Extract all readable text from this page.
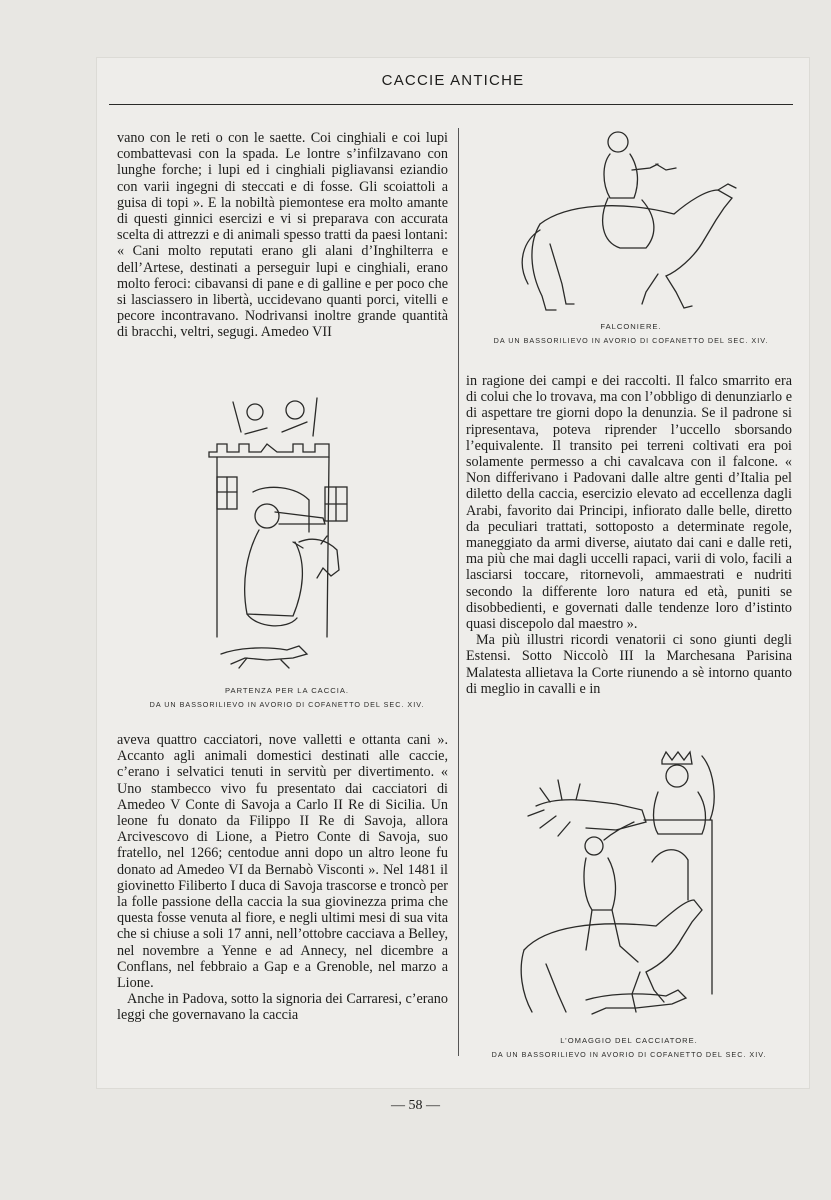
CACCIE ANTICHE

vano con le reti o con le saette. Coi cinghiali e coi lupi combattevasi con la spada. Le lontre s’infilzavano con lunghe forche; i lupi ed i cinghiali pigliavansi eziandio con varii ingegni di steccati e di fosse. Gli scoiattoli a guisa di topi ». E la nobiltà piemontese era molto amante di questi ginnici esercizi e vi si preparava con accurata scelta di attrezzi e di animali spesso tratti da paesi lontani: « Cani molto reputati erano gli alani d’Inghilterra e dell’Artese, destinati a perseguir lupi e cinghiali, erano molto feroci: cibavansi di pane e di galline e per poco che si lasciassero in libertà, uccidevano quanti porci, vitelli e pecore incontravano. Nodrivansi inoltre grande quantità di bracchi, veltri, segugi. Amedeo VII

PARTENZA PER LA CACCIA.
DA UN BASSORILIEVO IN AVORIO DI COFANETTO DEL SEC. XIV.

aveva quattro cacciatori, nove valletti e ottanta cani ». Accanto agli animali domestici destinati alle caccie, c’erano i selvatici tenuti in servitù per divertimento. « Uno stambecco vivo fu presentato dai cacciatori di Amedeo V Conte di Savoja a Carlo II Re di Sicilia. Un leone fu donato da Filippo II Re di Savoja, allora Arcivescovo di Lione, a Pietro Conte di Savoja, suo fratello, nel 1266; centodue anni dopo un altro leone fu donato ad Amedeo VI da Bernabò Visconti ». Nel 1481 il giovinetto Filiberto I duca di Savoja trascorse e troncò per la folle passione della caccia la sua giovinezza prima che questa fosse venuta al fiore, e negli ultimi mesi di sua vita che si chiuse a soli 17 anni, nell’ottobre cacciava a Belley, nel novembre a Yenne e ad Annecy, nel dicembre a Conflans, nel febbraio a Gap e a Grenoble, nel marzo a Lione.

Anche in Padova, sotto la signoria dei Carraresi, c’erano leggi che governavano la caccia

FALCONIERE.
DA UN BASSORILIEVO IN AVORIO DI COFANETTO DEL SEC. XIV.

in ragione dei campi e dei raccolti. Il falco smarrito era di colui che lo trovava, ma con l’obbligo di denunziarlo e di aspettare tre giorni dopo la denunzia. Se il padrone si ripresentava, poteva riprender l’uccello sborsando l’equivalente. Il transito pei terreni coltivati era poi solamente permesso a chi cavalcava con il falcone. « Non differivano i Padovani dalle altre genti d’Italia pel diletto della caccia, esercizio elevato ad eccellenza dagli Arabi, favorito dai Principi, infiorato dalle belle, diretto da peculiari trattati, sottoposto a determinate regole, maneggiato da armi diverse, aiutato dai cani e dalle reti, ma più che mai dagli uccelli rapaci, varii di volo, facili a lasciarsi toccare, ritornevoli, ammaestrati e nudriti secondo la differente loro natura ed età, puniti se disobbedienti, e governati dalle tendenze loro d’istinto quasi discepolo dal maestro ».

Ma più illustri ricordi venatorii ci sono giunti degli Estensi. Sotto Niccolò III la Marchesana Parisina Malatesta allietava la Corte riunendo a sè intorno quanto di meglio in cavalli e in

L’OMAGGIO DEL CACCIATORE.
DA UN BASSORILIEVO IN AVORIO DI COFANETTO DEL SEC. XIV.
— 58 —
